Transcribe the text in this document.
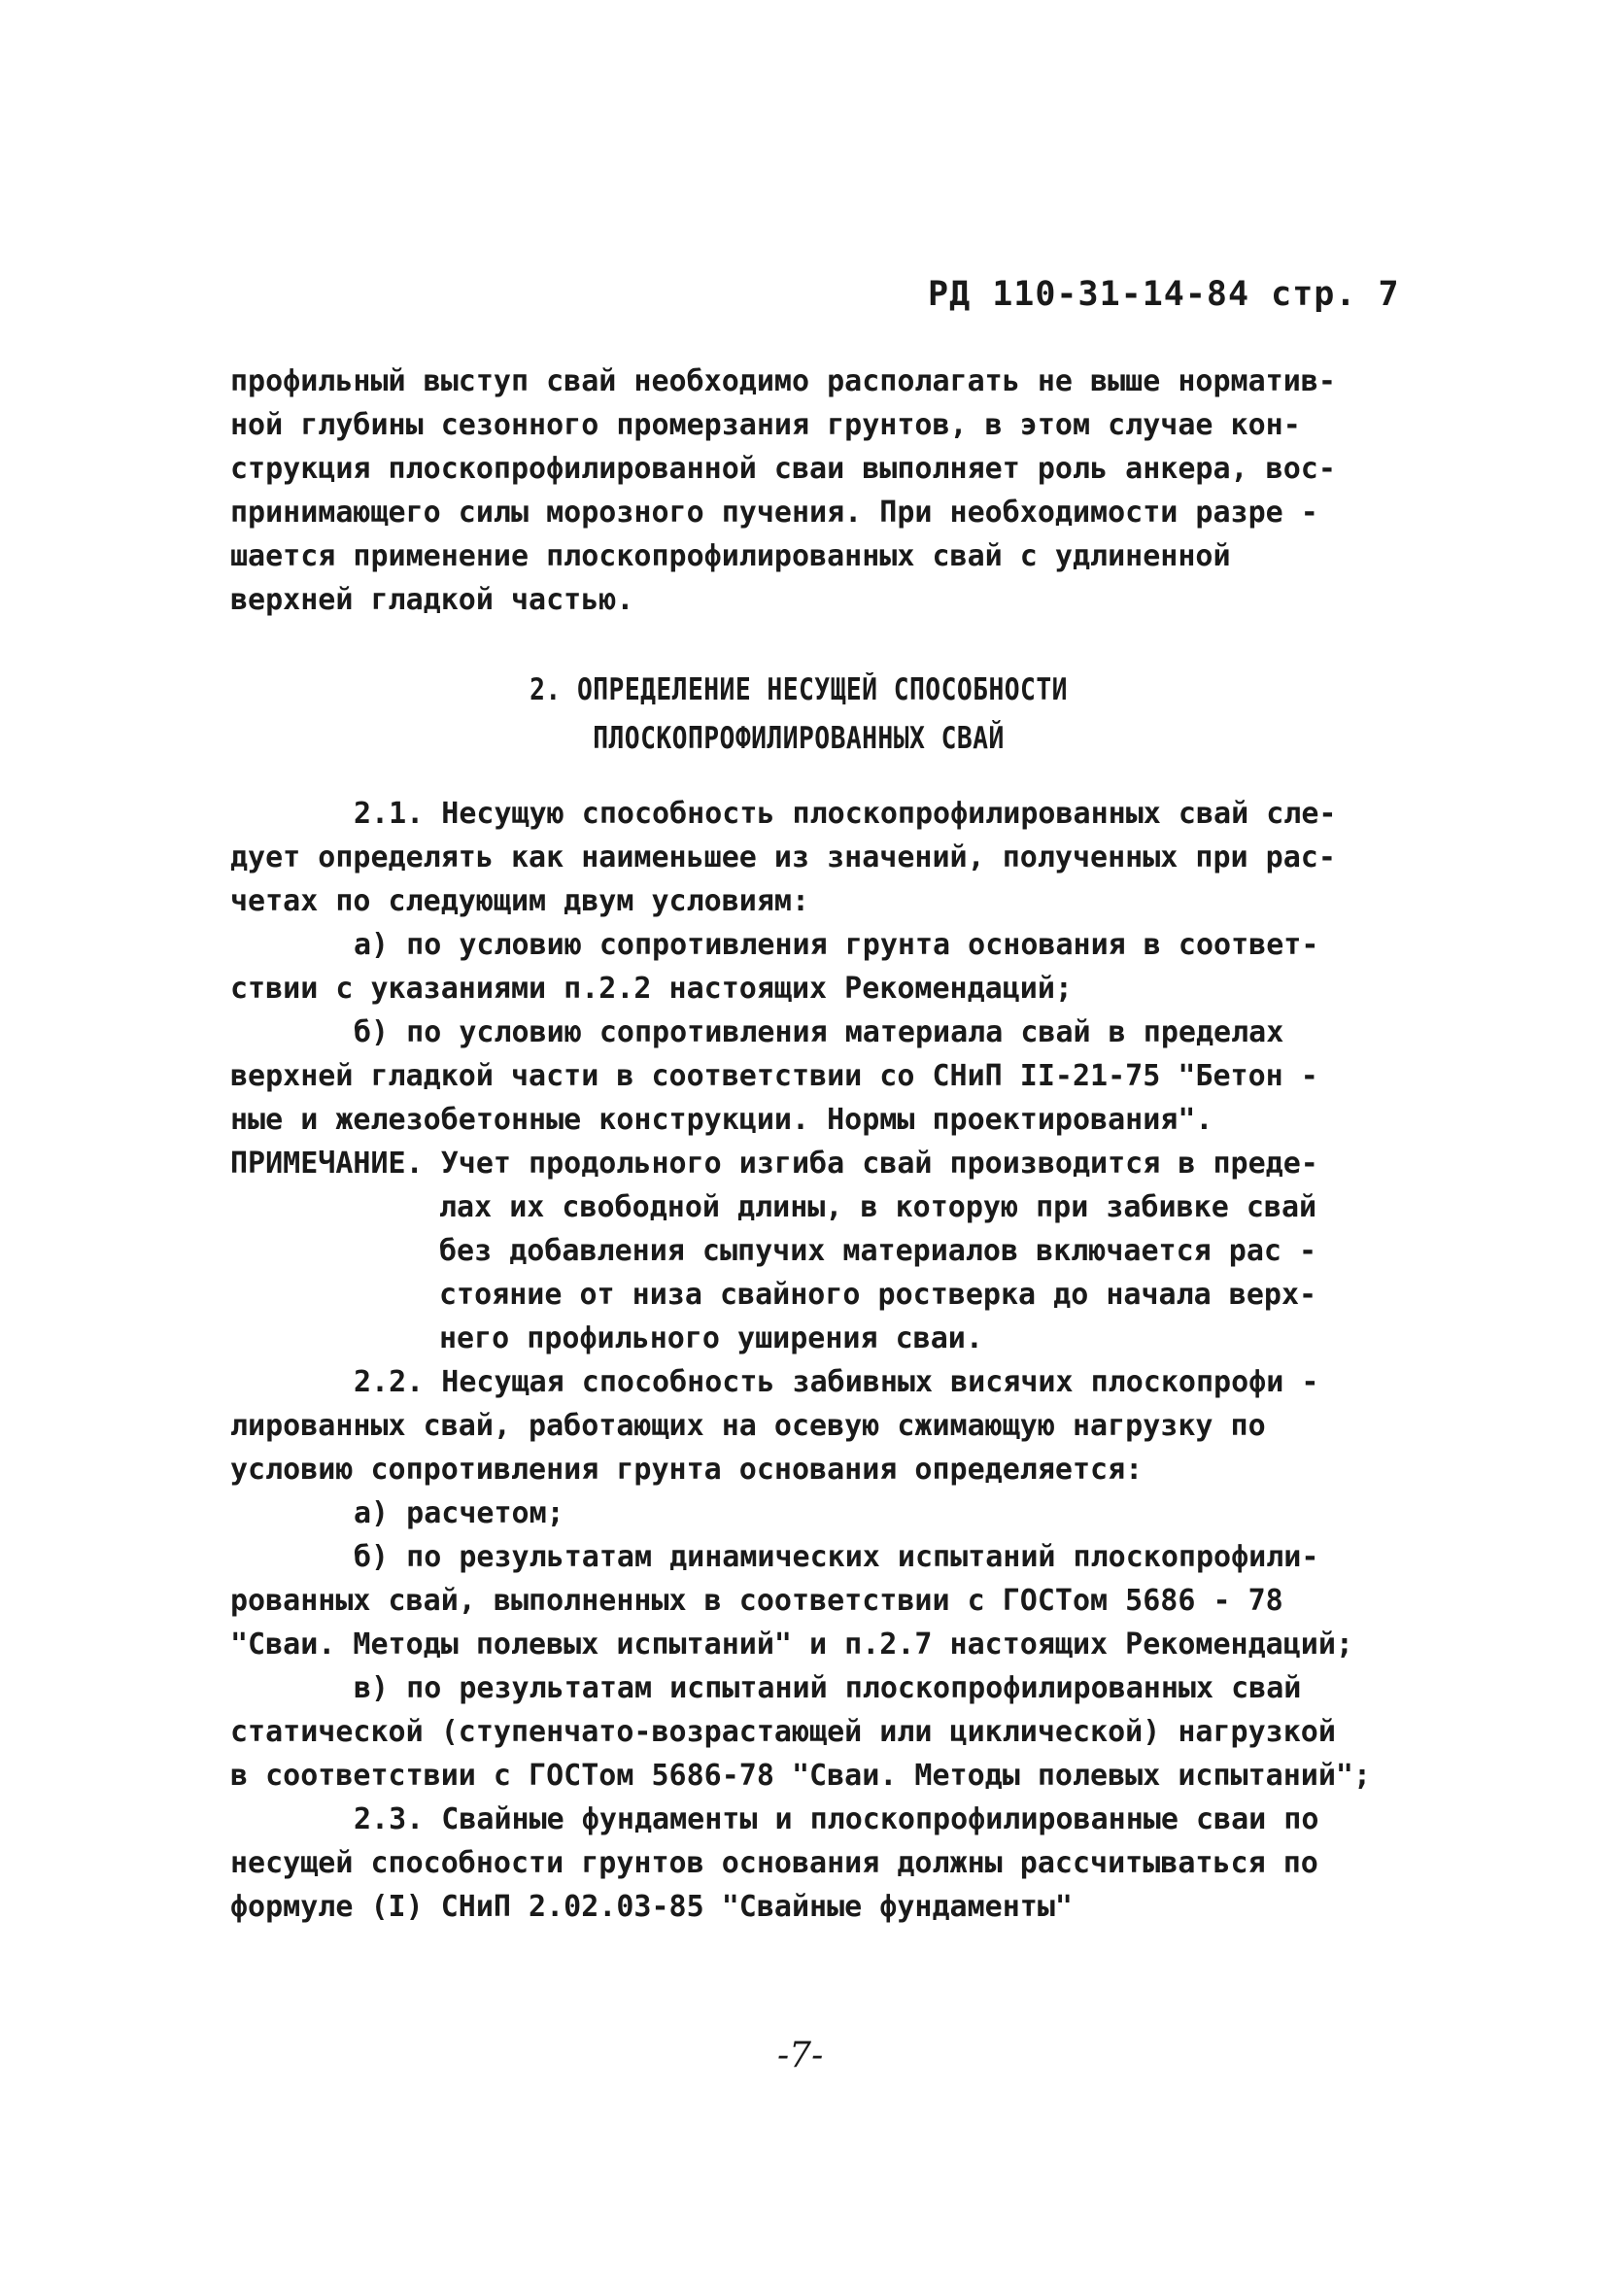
РД 110-31-14-84 стр. 7
профильный выступ свай необходимо располагать не выше норматив-
ной глубины сезонного промерзания грунтов, в этом случае кон-
струкция плоскопрофилированной сваи выполняет роль анкера, вос-
принимающего силы морозного пучения. При необходимости разре -
шается применение плоскопрофилированных свай с удлиненной
верхней гладкой частью.
2. ОПРЕДЕЛЕНИЕ НЕСУЩЕЙ СПОСОБНОСТИ
ПЛОСКОПРОФИЛИРОВАННЫХ СВАЙ
2.1. Несущую способность плоскопрофилированных свай сле-
дует определять как наименьшее из значений, полученных при рас-
четах по следующим двум условиям:
а) по условию сопротивления грунта основания в соответ-
ствии с указаниями п.2.2 настоящих Рекомендаций;
б) по условию сопротивления материала свай в пределах
верхней гладкой части в соответствии со СНиП II-21-75 "Бетон -
ные и железобетонные конструкции. Нормы проектирования".
ПРИМЕЧАНИЕ. Учет продольного изгиба свай производится в преде-
лах их свободной длины, в которую при забивке свай
без добавления сыпучих материалов включается рас -
стояние от низа свайного ростверка до начала верх-
него профильного уширения сваи.
2.2. Несущая способность забивных висячих плоскопрофи -
лированных свай, работающих на осевую сжимающую нагрузку по
условию сопротивления грунта основания определяется:
а) расчетом;
б) по результатам динамических испытаний плоскопрофили-
рованных свай, выполненных в соответствии с ГОСТом 5686 - 78
"Сваи. Методы полевых испытаний" и п.2.7 настоящих Рекомендаций;
в) по результатам испытаний плоскопрофилированных свай
статической (ступенчато-возрастающей или циклической) нагрузкой
в соответствии с ГОСТом 5686-78 "Сваи. Методы полевых испытаний";
2.3. Свайные фундаменты и плоскопрофилированные сваи по
несущей способности грунтов основания должны рассчитываться по
формуле (I) СНиП 2.02.03-85 "Свайные фундаменты"
-7-
